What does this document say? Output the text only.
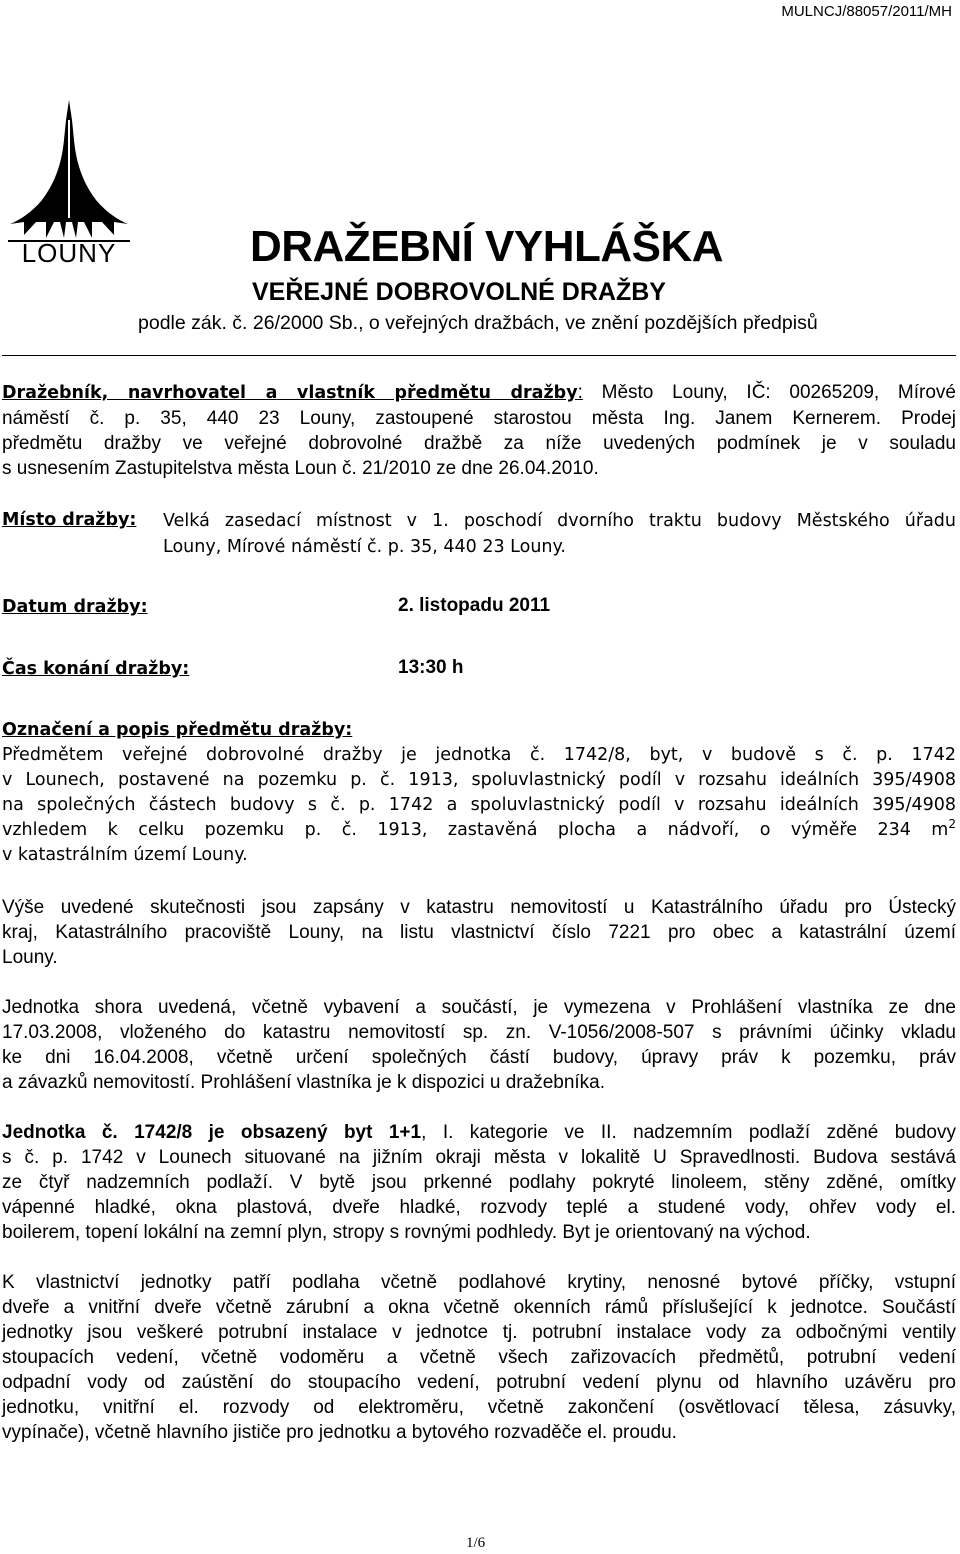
MULNCJ/88057/2011/MH
LOUNY	DRAŽEBNÍ VYHLÁŠKA
VEŘEJNÉ DOBROVOLNÉ DRAŽBY
podle zák. č. 26/2000 Sb., o veřejných dražbách, ve znění pozdějších předpisů
Dražebník, navrhovatel a vlastník předmětu dražby: Město Louny, IČ: 00265209, Mírové
náměstí č. p. 35, 440 23 Louny, zastoupené starostou města Ing. Janem Kernerem. Prodej
předmětu dražby ve veřejné dobrovolné dražbě za níže uvedených podmínek je v souladu
s usnesením Zastupitelstva města Loun č. 21/2010 ze dne 26.04.2010.
Místo dražby: Velká zasedací místnost v 1. poschodí dvorního traktu budovy Městského úřadu
Louny, Mírové náměstí č. p. 35, 440 23 Louny.
Datum dražby:	2. listopadu 2011
Čas konání dražby:	13:30 h
Označení a popis předmětu dražby:
Předmětem veřejné dobrovolné dražby je jednotka č. 1742/8, byt, v budově s č. p. 1742
v Lounech, postavené na pozemku p. č. 1913, spoluvlastnický podíl v rozsahu ideálních 395/4908
na společných částech budovy s č. p. 1742 a spoluvlastnický podíl v rozsahu ideálních 395/4908
vzhledem k celku pozemku p. č. 1913, zastavěná plocha a nádvoří, o výměře 234 $m^2$
v katastrálním území Louny.
Výše uvedené skutečnosti jsou zapsány v katastru nemovitostí u Katastrálního úřadu pro Ústecký
kraj, Katastrálního pracoviště Louny, na listu vlastnictví číslo 7221 pro obec a katastrální území
Louny.
Jednotka shora uvedená, včetně vybavení a součástí, je vymezena v Prohlášení vlastníka ze dne
17.03.2008, vloženého do katastru nemovitostí sp. zn. V-1056/2008-507 s právními účinky vkladu
ke dni 16.04.2008, včetně určení společných částí budovy, úpravy práv k pozemku, práv
a závazků nemovitostí. Prohlášení vlastníka je k dispozici u dražebníka.
Jednotka č. 1742/8 je obsazený byt 1+1, I. kategorie ve II. nadzemním podlaží zděné budovy
s č. p. 1742 v Lounech situované na jižním okraji města v lokalitě U Spravedlnosti. Budova sestává
ze čtyř nadzemních podlaží. V bytě jsou prkenné podlahy pokryté linoleem, stěny zděné, omítky
vápenné hladké, okna plastová, dveře hladké, rozvody teplé a studené vody, ohřev vody el.
boilerem, topení lokální na zemní plyn, stropy s rovnými podhledy. Byt je orientovaný na východ.
K vlastnictví jednotky patří podlaha včetně podlahové krytiny, nenosné bytové příčky, vstupní
dveře a vnitřní dveře včetně zárubní a okna včetně okenních rámů příslušející k jednotce. Součástí
jednotky jsou veškeré potrubní instalace v jednotce tj. potrubní instalace vody za odbočnými ventily
stoupacích vedení, včetně vodoměru a včetně všech zařizovacích předmětů, potrubní vedení
odpadní vody od zaústění do stoupacího vedení, potrubní vedení plynu od hlavního uzávěru pro
jednotku, vnitřní el. rozvody od elektroměru, včetně zakončení (osvětlovací tělesa, zásuvky,
vypínače), včetně hlavního jističe pro jednotku a bytového rozvaděče el. proudu.
1/6
